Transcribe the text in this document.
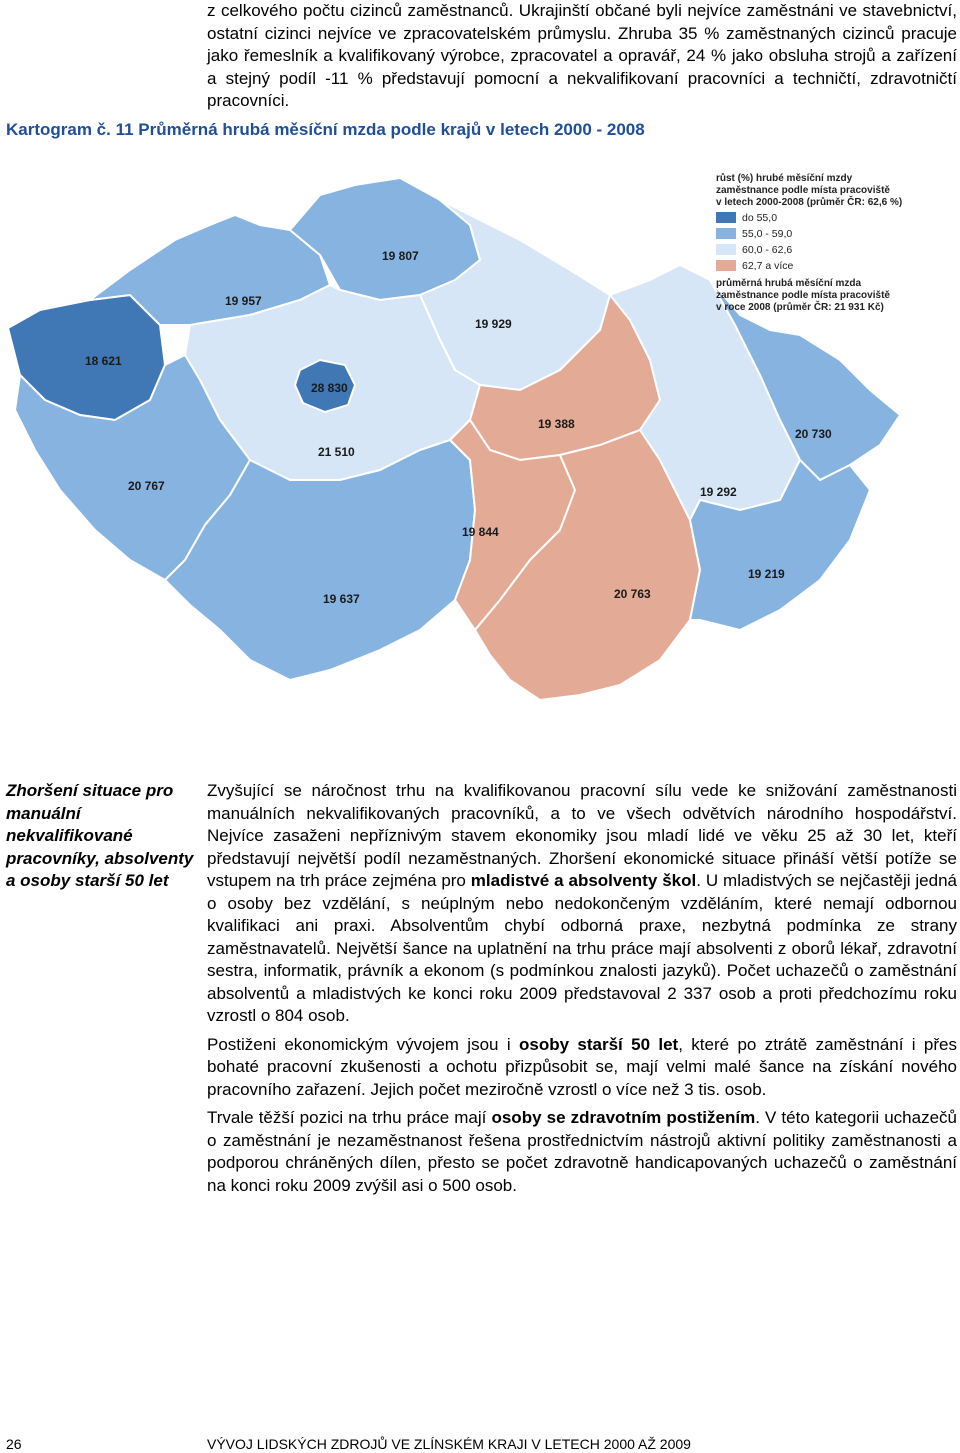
z celkového počtu cizinců zaměstnanců. Ukrajinští občané byli nejvíce zaměstnáni ve stavebnictví, ostatní cizinci nejvíce ve zpracovatelském průmyslu. Zhruba 35 % zaměstnaných cizinců pracuje jako řemeslník a kvalifikovaný výrobce, zpracovatel a opravář, 24 % jako obsluha strojů a zařízení a stejný podíl -11 % představují pomocní a nekvalifikovaní pracovníci a techničtí, zdravotničtí pracovníci.

Kartogram č. 11 Průměrná hrubá měsíční mzda podle krajů v letech 2000 - 2008
18 621
19 957
19 807
19 929
28 830
21 510
20 767
19 388
20 730
19 292
19 844
19 637	20 763
19 219
růst (%) hrubé měsíční mzdy
zaměstnance podle místa pracoviště
v letech 2000-2008 (průměr ČR: 62,6 %)
do 55,0
55,0 - 59,0
60,0 - 62,6
62,7 a více
průměrná hrubá měsíční mzda
zaměstnance podle místa pracoviště
v roce 2008 (průměr ČR: 21 931 Kč)
Zhoršení situace pro manuální nekvalifikované pracovníky, absolventy a osoby starší 50 let

Zvyšující se náročnost trhu na kvalifikovanou pracovní sílu vede ke snižování zaměstnanosti manuálních nekvalifikovaných pracovníků, a to ve všech odvětvích národního hospodářství. Nejvíce zasaženi nepříznivým stavem ekonomiky jsou mladí lidé ve věku 25 až 30 let, kteří představují největší podíl nezaměstnaných. Zhoršení ekonomické situace přináší větší potíže se vstupem na trh práce zejména pro mladistvé a absolventy škol. U mladistvých se nejčastěji jedná o osoby bez vzdělání, s neúplným nebo nedokončeným vzděláním, které nemají odbornou kvalifikaci ani praxi. Absolventům chybí odborná praxe, nezbytná podmínka ze strany zaměstnavatelů. Největší šance na uplatnění na trhu práce mají absolventi z oborů lékař, zdravotní sestra, informatik, právník a ekonom (s podmínkou znalosti jazyků). Počet uchazečů o zaměstnání absolventů a mladistvých ke konci roku 2009 představoval 2 337 osob a proti předchozímu roku vzrostl o 804 osob.

Postiženi ekonomickým vývojem jsou i osoby starší 50 let, které po ztrátě zaměstnání i přes bohaté pracovní zkušenosti a ochotu přizpůsobit se, mají velmi malé šance na získání nového pracovního zařazení. Jejich počet meziročně vzrostl o více než 3 tis. osob.

Trvale těžší pozici na trhu práce mají osoby se zdravotním postižením. V této kategorii uchazečů o zaměstnání je nezaměstnanost řešena prostřednictvím nástrojů aktivní politiky zaměstnanosti a podporou chráněných dílen, přesto se počet zdravotně handicapovaných uchazečů o zaměstnání na konci roku 2009 zvýšil asi o 500 osob.

26	VÝVOJ LIDSKÝCH ZDROJŮ VE ZLÍNSKÉM KRAJI V LETECH 2000 AŽ 2009
